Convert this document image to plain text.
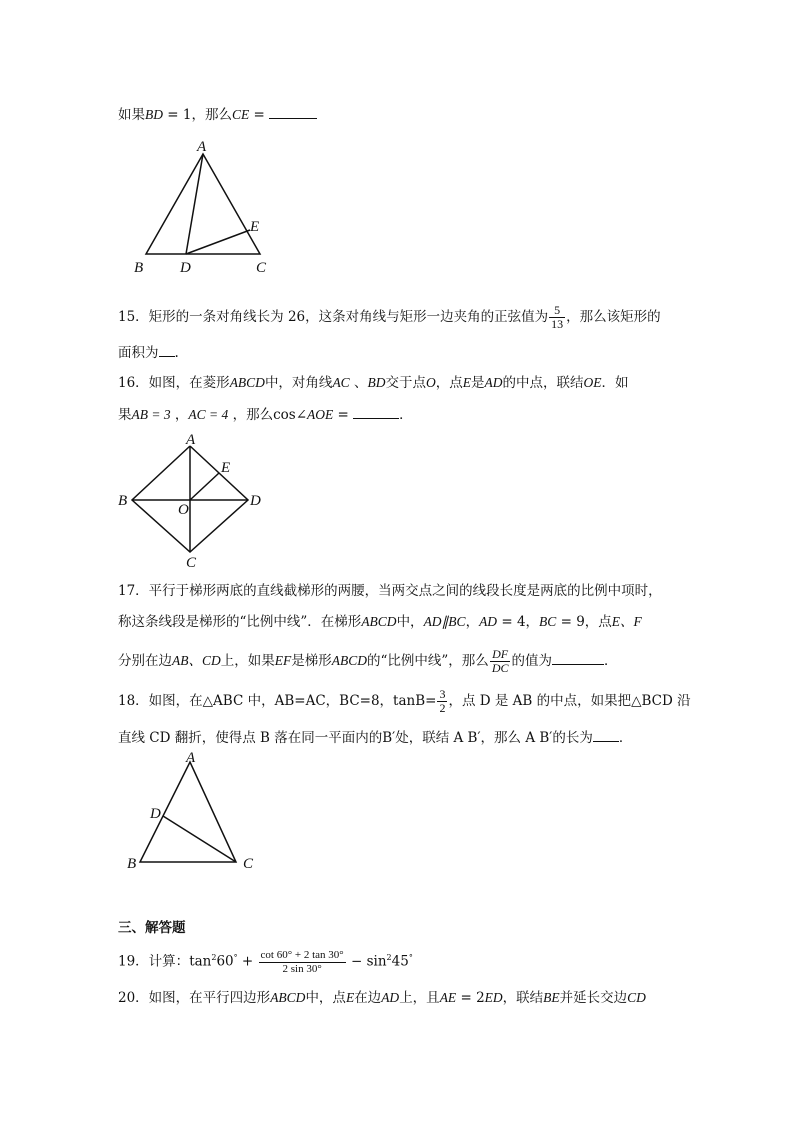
如果BD = 1，那么CE =
A
B D	C
E
15．矩形的一条对角线长为 26，这条对角线与矩形一边夹角的正弦值为 $\frac{5}{13}$ ，那么该矩形的
面积为 .
16．如图，在菱形ABCD中，对角线AC 、BD交于点O，点E是AD的中点，联结OE．如
果AB = 3 ，AC = 4 ，那么cos∠AOE =	．
A
B	D
C
E
O
17．平行于梯形两底的直线截梯形的两腰，当两交点之间的线段长度是两底的比例中项时，
称这条线段是梯形的“比例中线”．在梯形ABCD中，AD∥BC，AD = 4，BC = 9，点E、F
分别在边AB、CD上，如果EF是梯形ABCD的“比例中线”，那么 $\frac{DF}{DC}$ 的值为	．
18．如图，在△ABC 中，AB=AC，BC=8，$\tan B= \frac{3}{2}$ ，点 D 是 AB 的中点，如果把△BCD 沿
直线 CD 翻折，使得点 B 落在同一平面内的B′处，联结 A B′，那么 A B′的长为 ．
A
B	C
D
三、解答题
19．计算：$\tan^260^\circ + \frac{\cot 60^\circ + 2 \tan 30^\circ}{2 \sin 30^\circ} - \sin^245^\circ$
20．如图，在平行四边形ABCD中，点E在边AD上，且AE = 2ED，联结BE并延长交边CD
